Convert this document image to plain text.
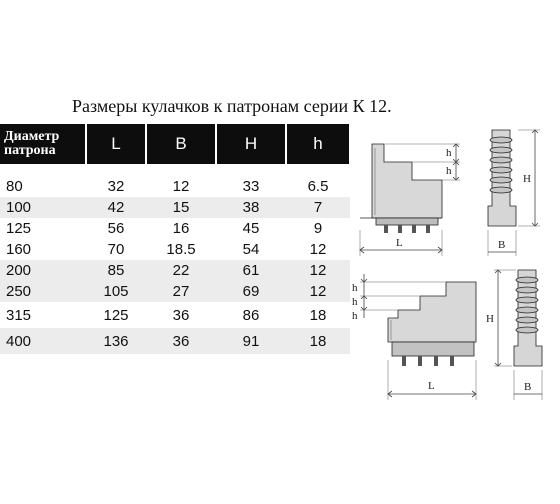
Размеры кулачков к патронам серии К 12.
Диаметр патрона	L	B	H	h

80	32	12	33	6.5
100	42	15	38	7
125	56	16	45	9
160	70	18.5	54	12
200	85	22	61	12
250	105	27	69	12
315	125	36	86	18
400	136	36	91	18
h
h
L
H
B
h
h
h
L
H
B
